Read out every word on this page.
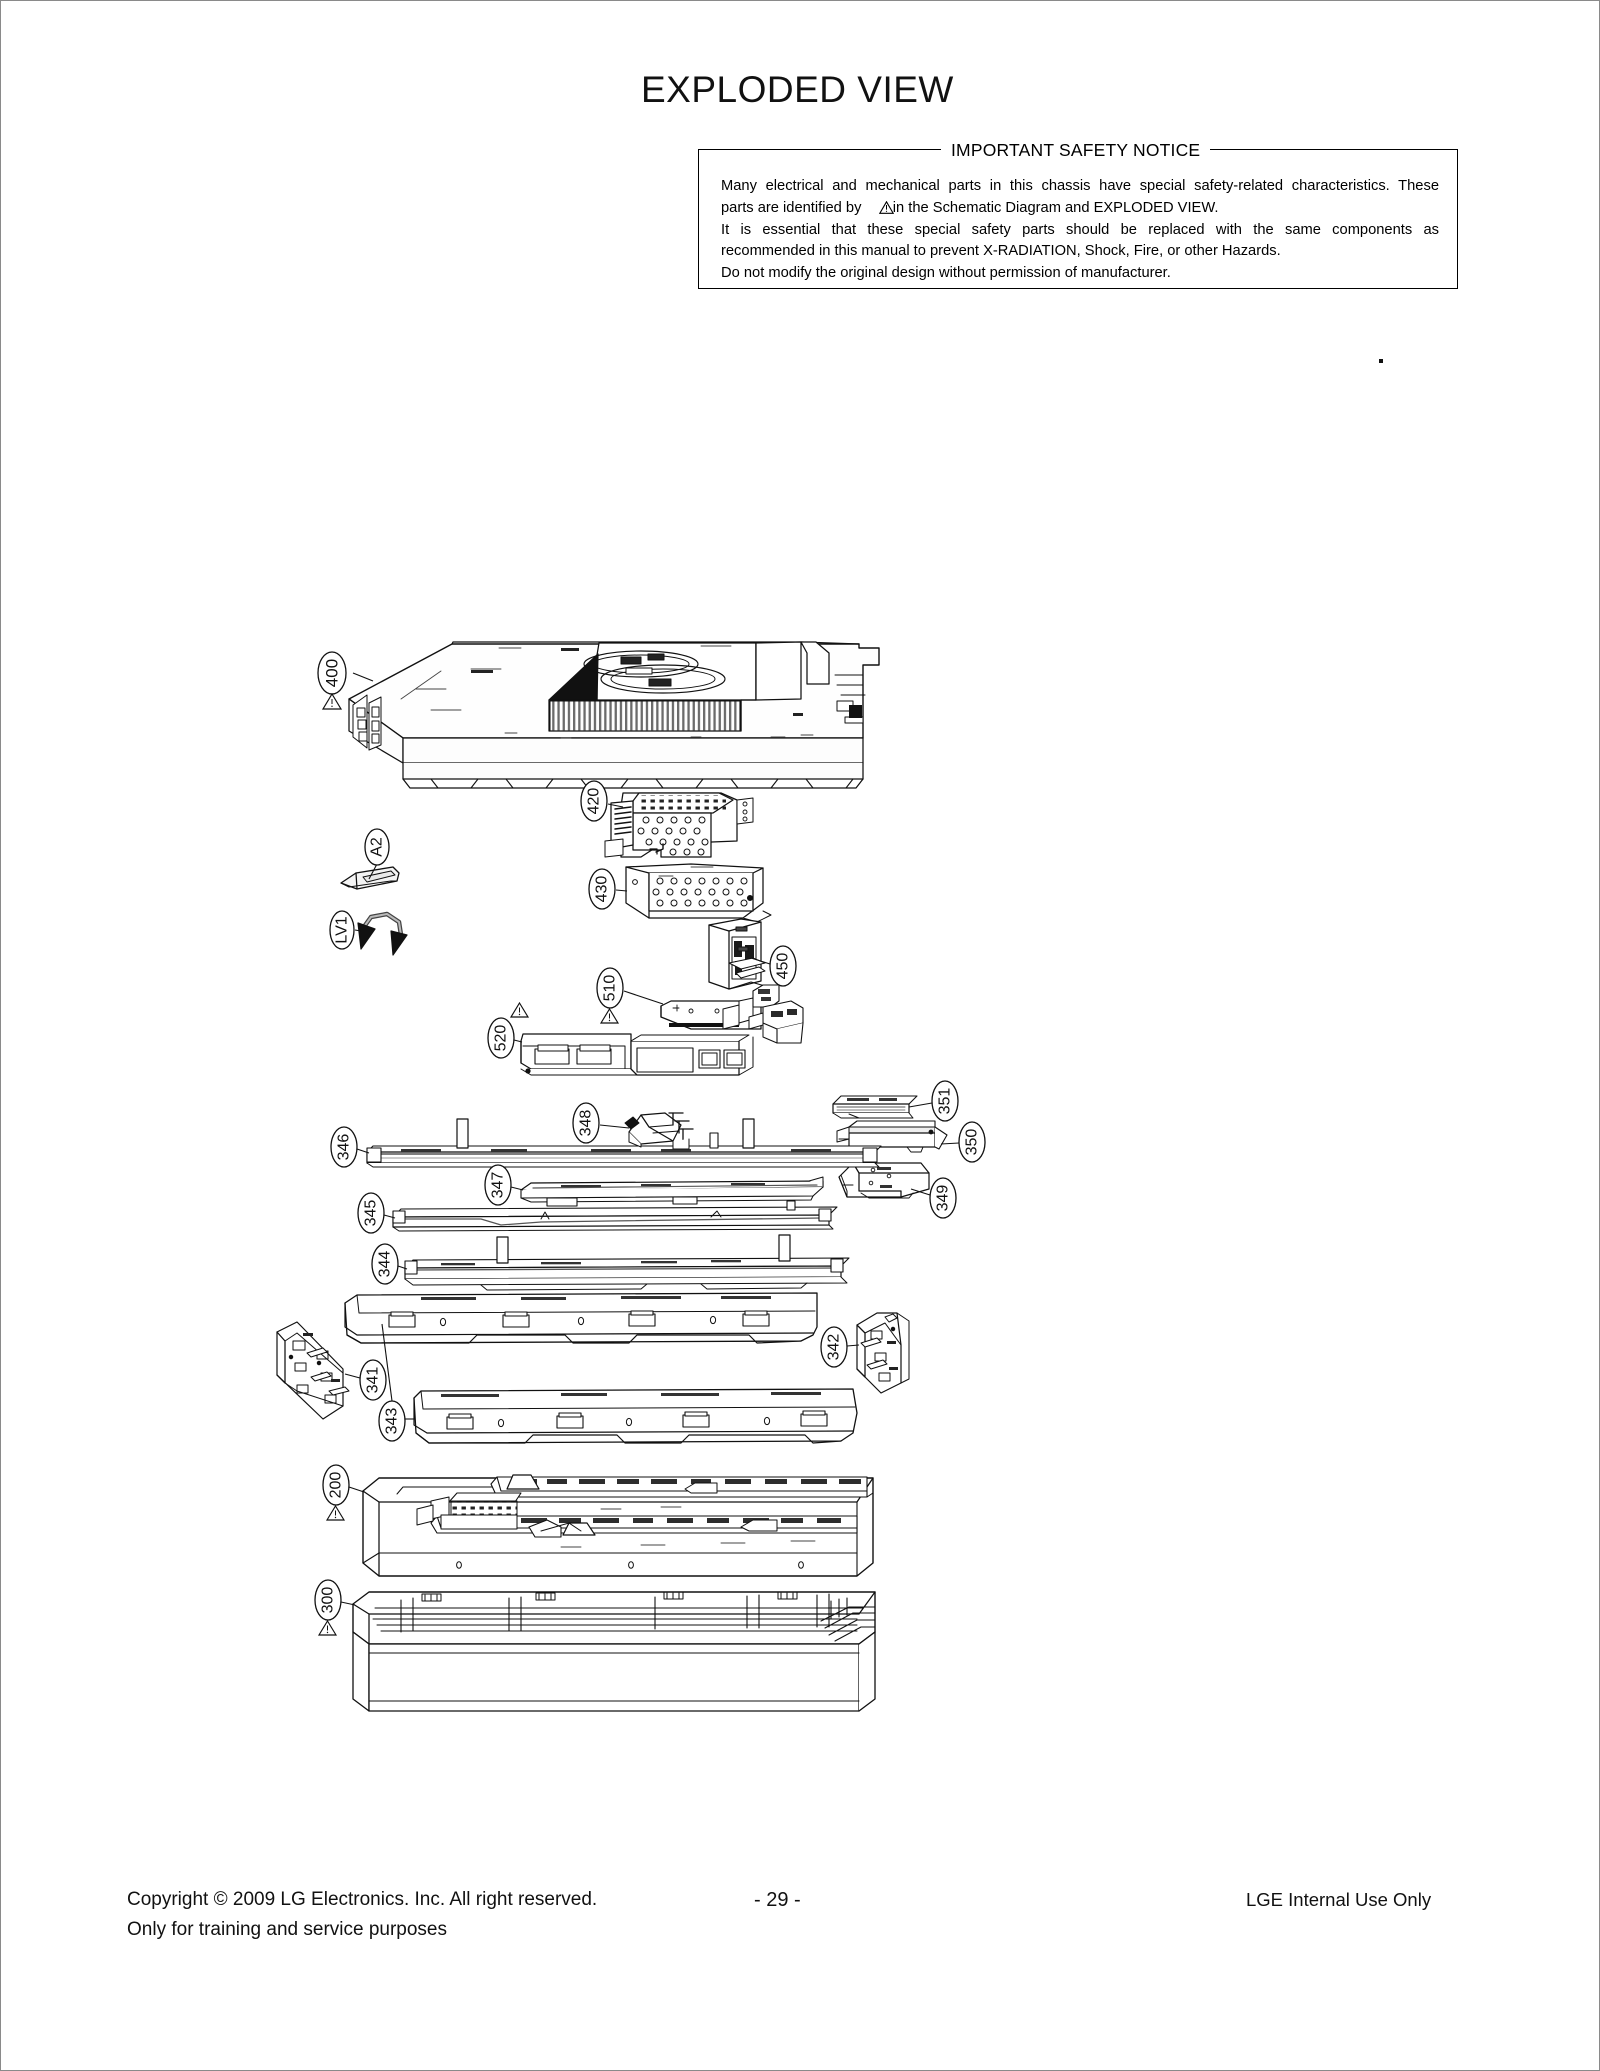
EXPLODED VIEW
Many electrical and mechanical parts in this chassis have special safety-related characteristics. These
parts are identified by in the Schematic Diagram and EXPLODED VIEW.
It is essential that these special safety parts should be replaced with the same components as
recommended in this manual to prevent X-RADIATION, Shock, Fire, or other Hazards.
Do not modify the original design without permission of manufacturer.
IMPORTANT SAFETY NOTICE
400
420
A2
430
LV1
450
510
520
351
348
350
346
347	349
345
344
342
341
343
200
300
Copyright © 2009 LG Electronics. Inc. All right reserved.
Only for training and service purposes
- 29 -	LGE Internal Use Only
